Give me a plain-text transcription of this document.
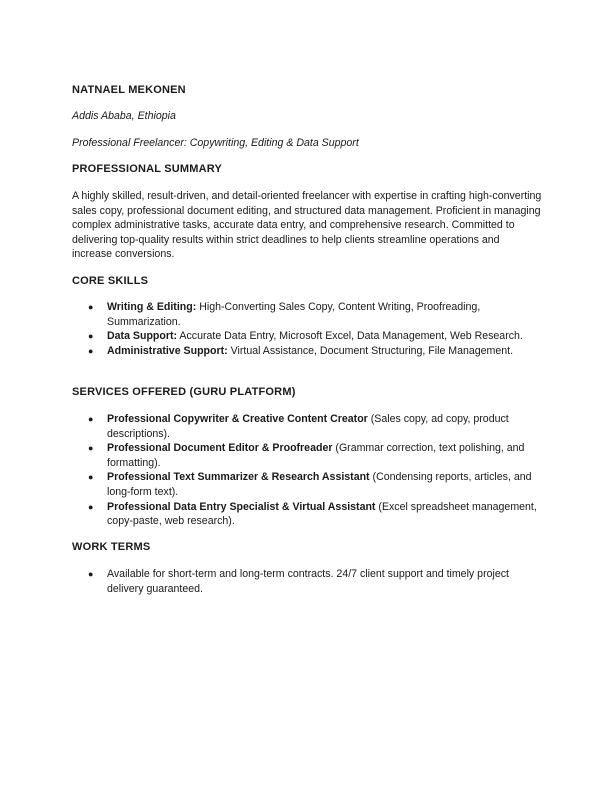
NATNAEL MEKONEN
Addis Ababa, Ethiopia
Professional Freelancer: Copywriting, Editing & Data Support
PROFESSIONAL SUMMARY
A highly skilled, result-driven, and detail-oriented freelancer with expertise in crafting high-converting sales copy, professional document editing, and structured data management. Proficient in managing complex administrative tasks, accurate data entry, and comprehensive research. Committed to delivering top-quality results within strict deadlines to help clients streamline operations and increase conversions.
CORE SKILLS
● Writing & Editing: High-Converting Sales Copy, Content Writing, Proofreading, Summarization.
● Data Support: Accurate Data Entry, Microsoft Excel, Data Management, Web Research.
● Administrative Support: Virtual Assistance, Document Structuring, File Management.
SERVICES OFFERED (GURU PLATFORM)
● Professional Copywriter & Creative Content Creator (Sales copy, ad copy, product descriptions).
● Professional Document Editor & Proofreader (Grammar correction, text polishing, and formatting).
● Professional Text Summarizer & Research Assistant (Condensing reports, articles, and long-form text).
● Professional Data Entry Specialist & Virtual Assistant (Excel spreadsheet management, copy-paste, web research).
WORK TERMS
● Available for short-term and long-term contracts. 24/7 client support and timely project delivery guaranteed.
